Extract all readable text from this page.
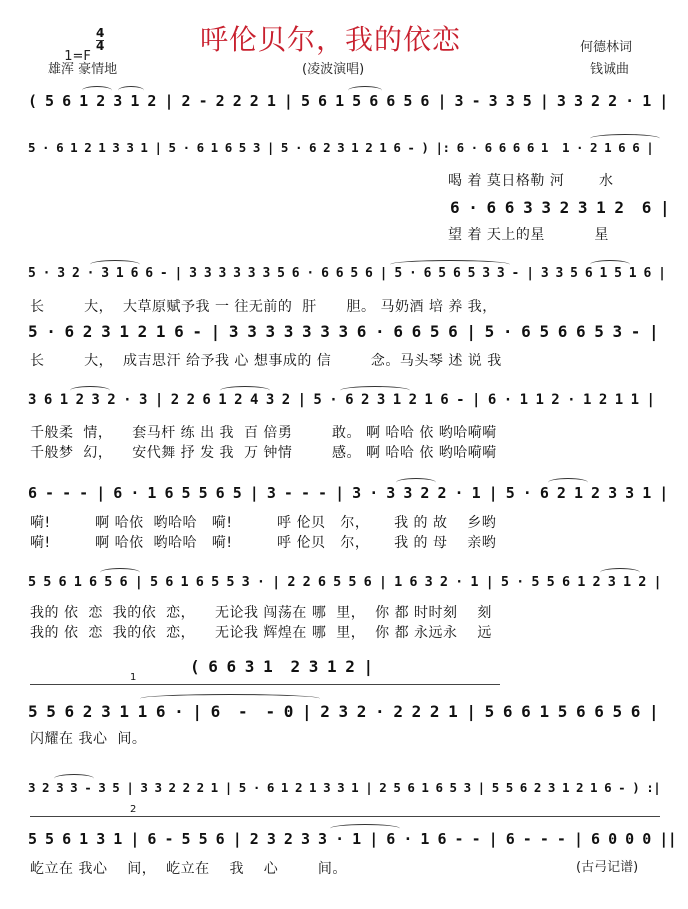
1=F

4
4	呼伦贝尔，我的依恋	何德林词
雄浑 豪情地	(凌波演唱)	钱诚曲
( 5 6 1 2 3 1 2 | 2 - 2 2 2 1 | 5 6 1 5 6 6 5 6 | 3 - 3 3 5 | 3 3 2 2 · 1 |
5 · 6 1 2 1 3 3 1 | 5 · 6 1 6 5 3 | 5 · 6 2 3 1 2 1 6 - ) |: 6 · 6 6 6 6 1  1 · 2 1 6 6 |
喝 着 莫日格勒 河       水
6 · 6 6 3 3 2 3 1 2  6 |
望 着 天上的星          星
5 · 3 2 · 3 1 6 6 - | 3 3 3 3 3 3 5 6 · 6 6 5 6 | 5 · 6 5 6 5 3 3 - | 3 3 5 6 1 5 1 6 |
长        大，  大草原赋予我 一 往无前的  肝      胆。 马奶酒 培 养 我，
5 · 6 2 3 1 2 1 6 - | 3 3 3 3 3 3 3 6 · 6 6 5 6 | 5 · 6 5 6 6 5 3 - |
长        大，  成吉思汗 给予我 心 想事成的 信        念。马头琴 述 说 我
3 6 1 2 3 2 · 3 | 2 2 6 1 2 4 3 2 | 5 · 6 2 3 1 2 1 6 - | 6 · 1 1 2 · 1 2 1 1 |
千般柔  情，    套马杆 练 出 我  百 倍勇        敢。 啊 哈哈 依 哟哈嗬嗬
千般梦  幻，    安代舞 抒 发 我  万 钟情        感。 啊 哈哈 依 哟哈嗬嗬
6 - - - | 6 · 1 6 5 5 6 5 | 3 - - - | 3 · 3 3 2 2 · 1 | 5 · 6 2 1 2 3 3 1 |
嗬!         啊 哈依  哟哈哈   嗬!         呼 伦贝   尔，     我 的 故    乡哟
嗬!         啊 哈依  哟哈哈   嗬!         呼 伦贝   尔，     我 的 母    亲哟
5 5 6 1 6 5 6 | 5 6 1 6 5 5 3 · | 2 2 6 5 5 6 | 1 6 3 2 · 1 | 5 · 5 5 6 1 2 3 1 2 |
我的 依  恋  我的依  恋，    无论我 闯荡在 哪  里，  你 都 时时刻    刻
我的 依  恋  我的依  恋，    无论我 辉煌在 哪  里，  你 都 永远永    远
( 6 6 3 1  2 3 1 2 |
5 5 6 2 3 1 1 6 · | 6  -  - 0 | 2 3 2 · 2 2 2 1 | 5 6 6 1 5 6 6 5 6 |
闪耀在 我心  间。
3 2 3 3 - 3 5 | 3 3 2 2 2 1 | 5 · 6 1 2 1 3 3 1 | 2 5 6 1 6 5 3 | 5 5 6 2 3 1 2 1 6 - ) :|
5 5 6 1 3 1 | 6 - 5 5 6 | 2 3 2 3 3 · 1 | 6 · 1 6 - - | 6 - - - | 6 0 0 0 ||
屹立在 我心    间，  屹立在    我    心        间。
1
2
(古弓记谱)
